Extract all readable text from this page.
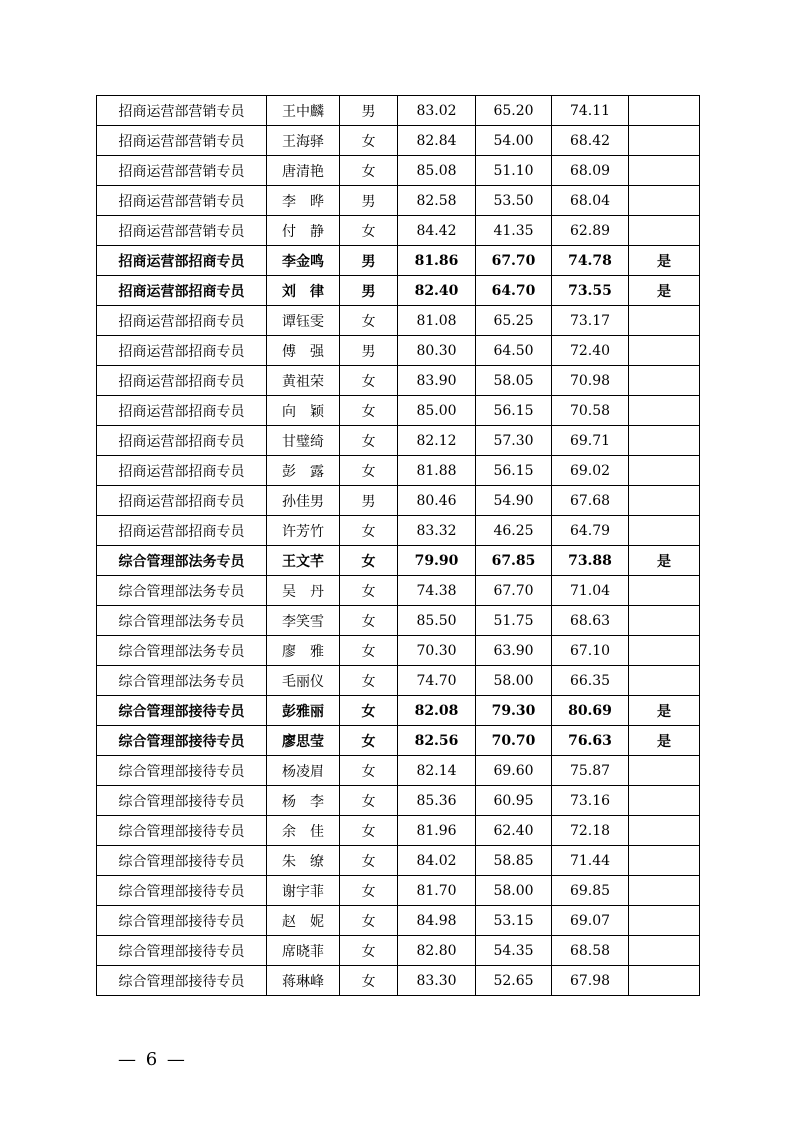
招商运营部营销专员	王中麟	男	83.02	65.20	74.11	
招商运营部营销专员	王海驿	女	82.84	54.00	68.42	
招商运营部营销专员	唐清艳	女	85.08	51.10	68.09	
招商运营部营销专员	李　晔	男	82.58	53.50	68.04	
招商运营部营销专员	付　静	女	84.42	41.35	62.89	
招商运营部招商专员	李金鸣	男	81.86	67.70	74.78	是
招商运营部招商专员	刘　律	男	82.40	64.70	73.55	是
招商运营部招商专员	谭钰雯	女	81.08	65.25	73.17	
招商运营部招商专员	傅　强	男	80.30	64.50	72.40	
招商运营部招商专员	黄祖荣	女	83.90	58.05	70.98	
招商运营部招商专员	向　颖	女	85.00	56.15	70.58	
招商运营部招商专员	甘璧绮	女	82.12	57.30	69.71	
招商运营部招商专员	彭　露	女	81.88	56.15	69.02	
招商运营部招商专员	孙佳男	男	80.46	54.90	67.68	
招商运营部招商专员	许芳竹	女	83.32	46.25	64.79	
综合管理部法务专员	王文芊	女	79.90	67.85	73.88	是
综合管理部法务专员	吴　丹	女	74.38	67.70	71.04	
综合管理部法务专员	李笑雪	女	85.50	51.75	68.63	
综合管理部法务专员	廖　雅	女	70.30	63.90	67.10	
综合管理部法务专员	毛丽仪	女	74.70	58.00	66.35	
综合管理部接待专员	彭雅丽	女	82.08	79.30	80.69	是
综合管理部接待专员	廖思莹	女	82.56	70.70	76.63	是
综合管理部接待专员	杨凌眉	女	82.14	69.60	75.87	
综合管理部接待专员	杨　李	女	85.36	60.95	73.16	
综合管理部接待专员	余　佳	女	81.96	62.40	72.18	
综合管理部接待专员	朱　缭	女	84.02	58.85	71.44	
综合管理部接待专员	谢宇菲	女	81.70	58.00	69.85	
综合管理部接待专员	赵　妮	女	84.98	53.15	69.07	
综合管理部接待专员	席晓菲	女	82.80	54.35	68.58	
综合管理部接待专员	蒋琳峰	女	83.30	52.65	67.98	
— 6 —
